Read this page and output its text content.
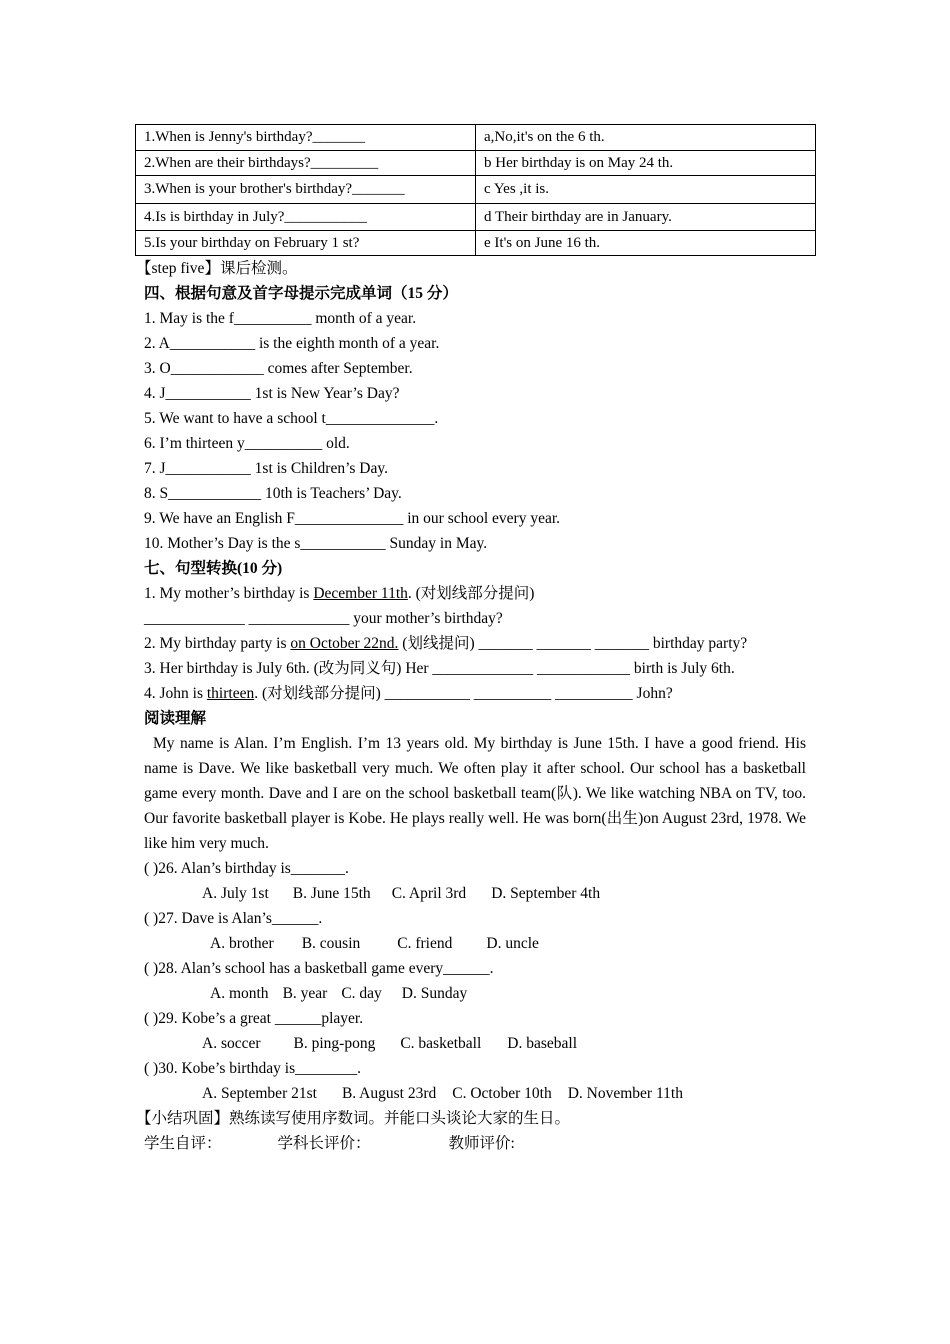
1.When is Jenny's birthday?_______	a,No,it's on the 6 th.
2.When are their birthdays?_________	b Her birthday is on May 24 th.
3.When is your brother's birthday?_______	c Yes ,it is.
4.Is is birthday in July?___________	d Their birthday are in January.
5.Is your birthday on February 1 st?	e It's on June 16 th.
【step five】课后检测。
四、根据句意及首字母提示完成单词（15 分）
1. May is the f__________ month of a year.
2. A___________ is the eighth month of a year.
3. O____________ comes after September.
4. J___________ 1st is New Year’s Day?
5. We want to have a school t______________.
6. I’m thirteen y__________ old.
7. J___________ 1st is Children’s Day.
8. S____________ 10th is Teachers’ Day.
9. We have an English F______________ in our school every year.
10. Mother’s Day is the s___________ Sunday in May.
七、句型转换(10 分)
1. My mother’s birthday is December 11th. (对划线部分提问)
_____________ _____________ your mother’s birthday?
2. My birthday party is on October 22nd. (划线提问) _______ _______ _______ birthday party?
3. Her birthday is July 6th. (改为同义句) Her _____________ ____________ birth is July 6th.
4. John is thirteen. (对划线部分提问) ___________ __________ __________ John?
阅读理解
My name is Alan. I’m English. I’m 13 years old. My birthday is June 15th. I have a good friend. His name is Dave. We like basketball very much. We often play it after school. Our school has a basketball game every month. Dave and I are on the school basketball team(队). We like watching NBA on TV, too. Our favorite basketball player is Kobe. He plays really well. He was born(出生)on August 23rd, 1978. We like him very much.
( )26. Alan’s birthday is_______.
A. July 1st B. June 15th C. April 3rd D. September 4th
( )27. Dave is Alan’s______.
A. brother B. cousin C. friend D. uncle
( )28. Alan’s school has a basketball game every______.
A. month B. year C. day D. Sunday
( )29. Kobe’s a great ______player.
A. soccer B. ping-pong C. basketball D. baseball
( )30. Kobe’s birthday is________.
A. September 21st B. August 23rd C. October 10th D. November 11th
【小结巩固】熟练读写使用序数词。并能口头谈论大家的生日。
学生自评：	学科长评价：	教师评价:
